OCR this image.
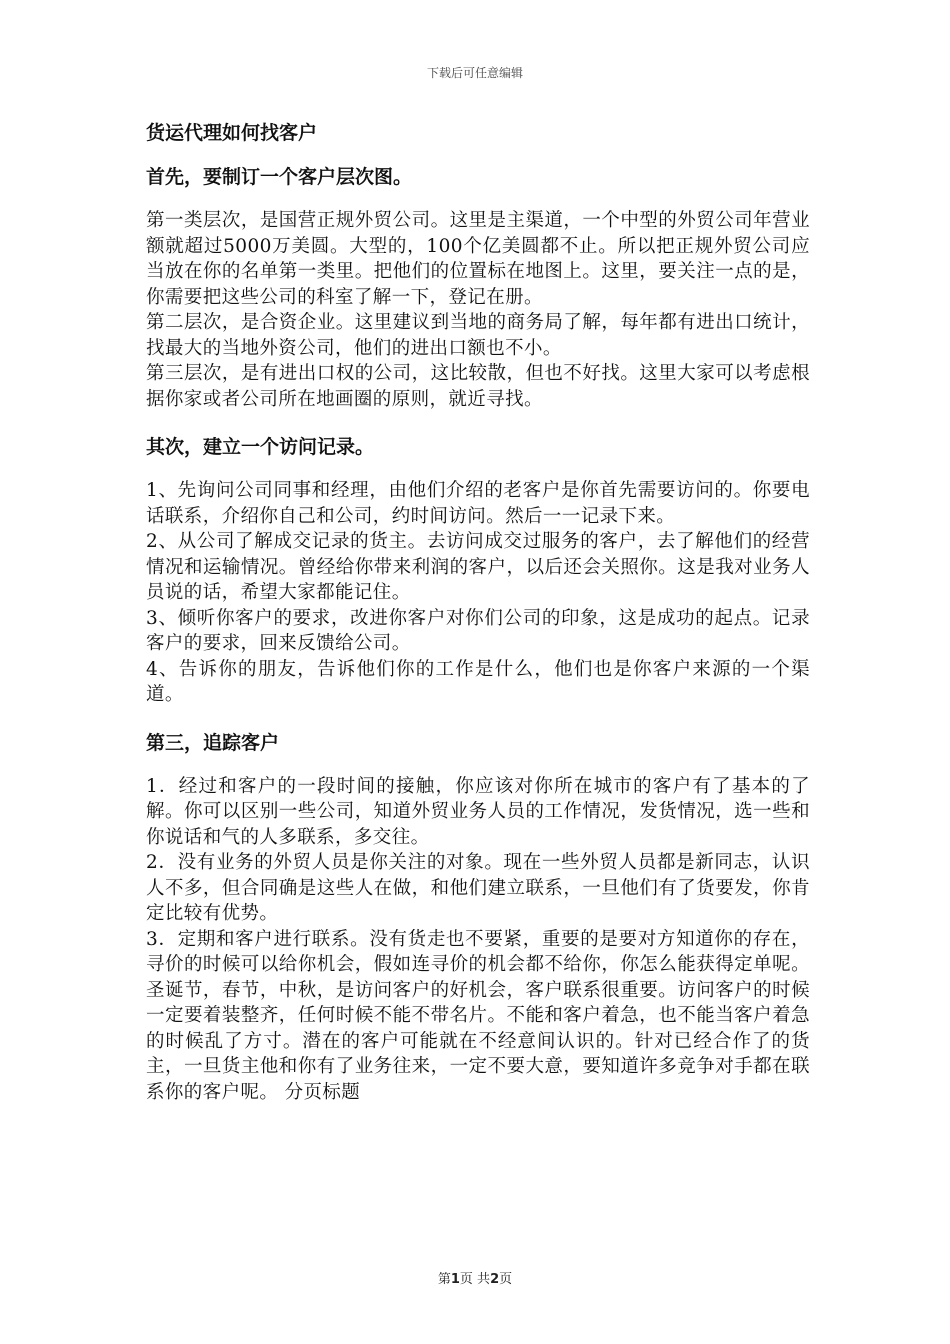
下载后可任意编辑
货运代理如何找客户
首先，要制订一个客户层次图。

第一类层次，是国营正规外贸公司。这里是主渠道，一个中型的外贸公司年营业额就超过5000万美圆。大型的，100个亿美圆都不止。所以把正规外贸公司应当放在你的名单第一类里。把他们的位置标在地图上。这里，要关注一点的是，你需要把这些公司的科室了解一下，登记在册。

第二层次，是合资企业。这里建议到当地的商务局了解，每年都有进出口统计，找最大的当地外资公司，他们的进出口额也不小。

第三层次，是有进出口权的公司，这比较散，但也不好找。这里大家可以考虑根据你家或者公司所在地画圈的原则，就近寻找。

其次，建立一个访问记录。

1、先询问公司同事和经理，由他们介绍的老客户是你首先需要访问的。你要电话联系，介绍你自己和公司，约时间访问。然后一一记录下来。

2、从公司了解成交记录的货主。去访问成交过服务的客户，去了解他们的经营情况和运输情况。曾经给你带来利润的客户，以后还会关照你。这是我对业务人员说的话，希望大家都能记住。

3、倾听你客户的要求，改进你客户对你们公司的印象，这是成功的起点。记录客户的要求，回来反馈给公司。

4、告诉你的朋友，告诉他们你的工作是什么，他们也是你客户来源的一个渠道。

第三，追踪客户

1．经过和客户的一段时间的接触，你应该对你所在城市的客户有了基本的了解。你可以区别一些公司，知道外贸业务人员的工作情况，发货情况，选一些和你说话和气的人多联系，多交往。

2．没有业务的外贸人员是你关注的对象。现在一些外贸人员都是新同志，认识人不多，但合同确是这些人在做，和他们建立联系，一旦他们有了货要发，你肯定比较有优势。

3．定期和客户进行联系。没有货走也不要紧，重要的是要对方知道你的存在，寻价的时候可以给你机会，假如连寻价的机会都不给你，你怎么能获得定单呢。圣诞节，春节，中秋，是访问客户的好机会，客户联系很重要。访问客户的时候一定要着装整齐，任何时候不能不带名片。不能和客户着急，也不能当客户着急的时候乱了方寸。潜在的客户可能就在不经意间认识的。针对已经合作了的货主，一旦货主他和你有了业务往来，一定不要大意，要知道许多竞争对手都在联系你的客户呢。 分页标题

第1页 共2页
